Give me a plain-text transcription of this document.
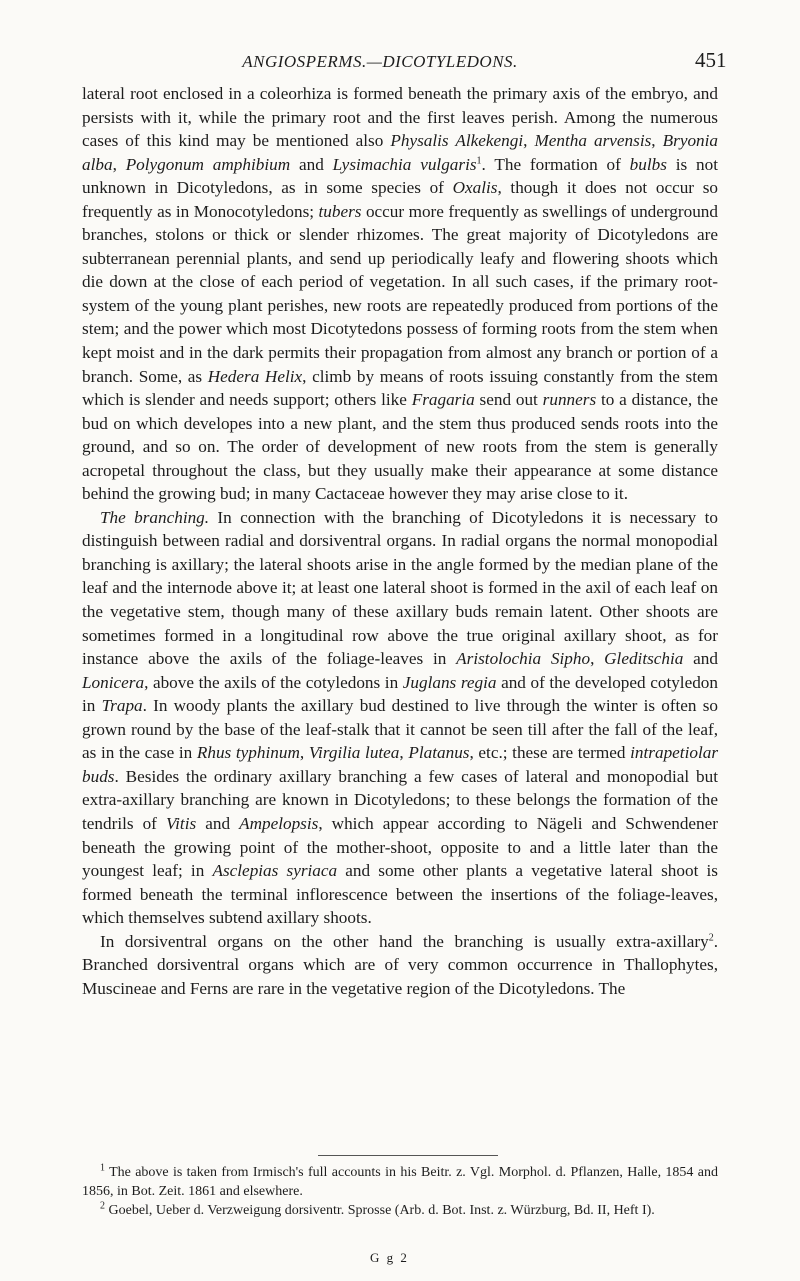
ANGIOSPERMS.—DICOTYLEDONS.	451

lateral root enclosed in a coleorhiza is formed beneath the primary axis of the embryo, and persists with it, while the primary root and the first leaves perish. Among the numerous cases of this kind may be mentioned also Physalis Alkekengi, Mentha arvensis, Bryonia alba, Polygonum amphibium and Lysimachia vulgaris$^1$. The formation of bulbs is not unknown in Dicotyledons, as in some species of Oxalis, though it does not occur so frequently as in Monocotyledons; tubers occur more frequently as swellings of underground branches, stolons or thick or slender rhizomes. The great majority of Dicotyledons are subterranean perennial plants, and send up periodically leafy and flowering shoots which die down at the close of each period of vegetation. In all such cases, if the primary root-system of the young plant perishes, new roots are repeatedly produced from portions of the stem; and the power which most Dicotytedons possess of forming roots from the stem when kept moist and in the dark permits their propagation from almost any branch or portion of a branch. Some, as Hedera Helix, climb by means of roots issuing constantly from the stem which is slender and needs support; others like Fragaria send out runners to a distance, the bud on which developes into a new plant, and the stem thus produced sends roots into the ground, and so on. The order of development of new roots from the stem is generally acropetal throughout the class, but they usually make their appearance at some distance behind the growing bud; in many Cactaceae however they may arise close to it.

The branching. In connection with the branching of Dicotyledons it is necessary to distinguish between radial and dorsiventral organs. In radial organs the normal monopodial branching is axillary; the lateral shoots arise in the angle formed by the median plane of the leaf and the internode above it; at least one lateral shoot is formed in the axil of each leaf on the vegetative stem, though many of these axillary buds remain latent. Other shoots are sometimes formed in a longitudinal row above the true original axillary shoot, as for instance above the axils of the foliage-leaves in Aristolochia Sipho, Gleditschia and Lonicera, above the axils of the cotyledons in Juglans regia and of the developed cotyledon in Trapa. In woody plants the axillary bud destined to live through the winter is often so grown round by the base of the leaf-stalk that it cannot be seen till after the fall of the leaf, as in the case in Rhus typhinum, Virgilia lutea, Platanus, etc.; these are termed intrapetiolar buds. Besides the ordinary axillary branching a few cases of lateral and monopodial but extra-axillary branching are known in Dicotyledons; to these belongs the formation of the tendrils of Vitis and Ampelopsis, which appear according to Nägeli and Schwendener beneath the growing point of the mother-shoot, opposite to and a little later than the youngest leaf; in Asclepias syriaca and some other plants a vegetative lateral shoot is formed beneath the terminal inflorescence between the insertions of the foliage-leaves, which themselves subtend axillary shoots.

In dorsiventral organs on the other hand the branching is usually extra-axillary$^2$. Branched dorsiventral organs which are of very common occurrence in Thallophytes, Muscineae and Ferns are rare in the vegetative region of the Dicotyledons. The

$^1$ The above is taken from Irmisch's full accounts in his Beitr. z. Vgl. Morphol. d. Pflanzen, Halle, 1854 and 1856, in Bot. Zeit. 1861 and elsewhere.

$^2$ Goebel, Ueber d. Verzweigung dorsiventr. Sprosse (Arb. d. Bot. Inst. z. Würzburg, Bd. II, Heft I).

G g 2
